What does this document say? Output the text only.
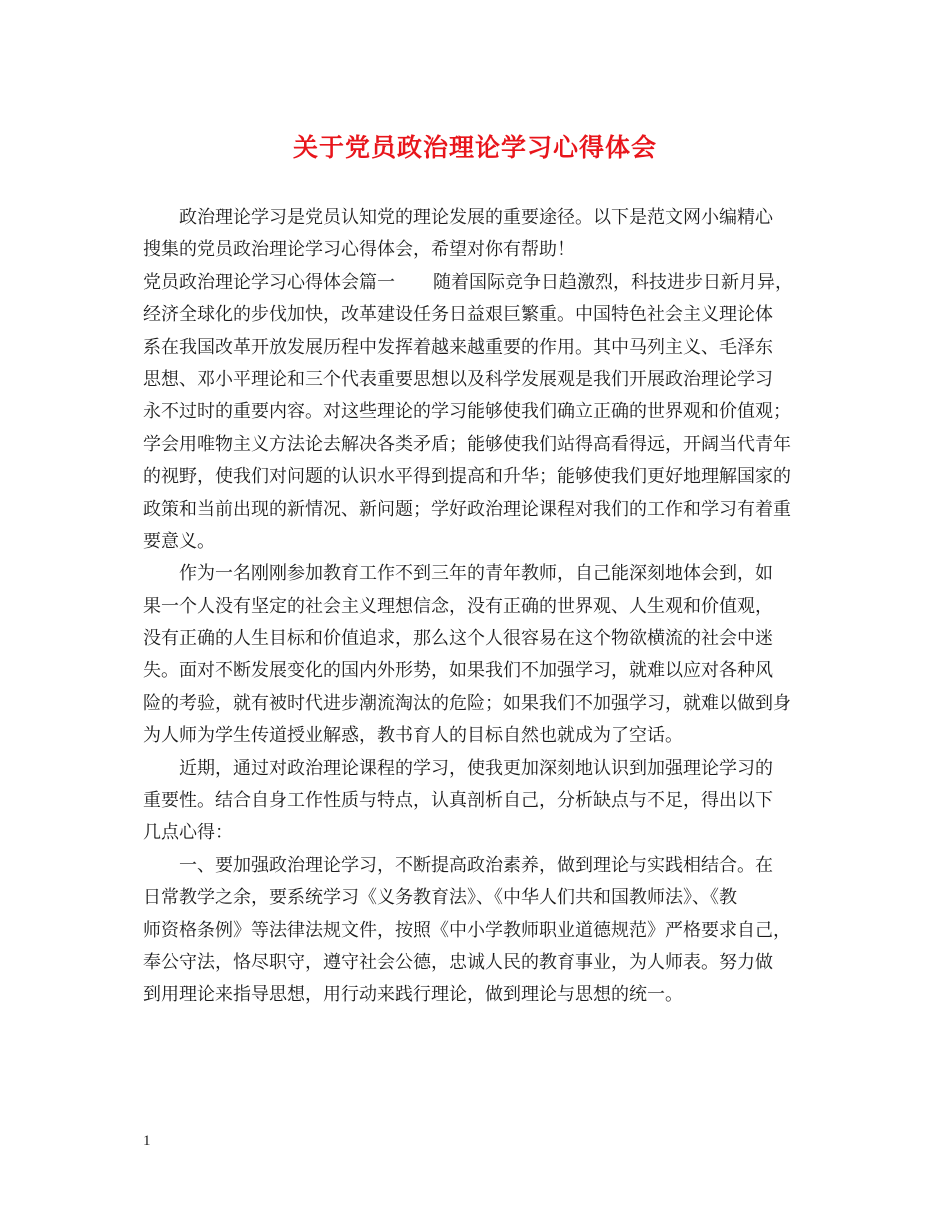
关于党员政治理论学习心得体会
政治理论学习是党员认知党的理论发展的重要途径。以下是范文网小编精心
搜集的党员政治理论学习心得体会，希望对你有帮助！
党员政治理论学习心得体会篇一 随着国际竞争日趋激烈，科技进步日新月异，
经济全球化的步伐加快，改革建设任务日益艰巨繁重。中国特色社会主义理论体
系在我国改革开放发展历程中发挥着越来越重要的作用。其中马列主义、毛泽东
思想、邓小平理论和三个代表重要思想以及科学发展观是我们开展政治理论学习
永不过时的重要内容。对这些理论的学习能够使我们确立正确的世界观和价值观；
学会用唯物主义方法论去解决各类矛盾；能够使我们站得高看得远，开阔当代青年
的视野，使我们对问题的认识水平得到提高和升华；能够使我们更好地理解国家的
政策和当前出现的新情况、新问题；学好政治理论课程对我们的工作和学习有着重
要意义。
作为一名刚刚参加教育工作不到三年的青年教师，自己能深刻地体会到，如
果一个人没有坚定的社会主义理想信念，没有正确的世界观、人生观和价值观，
没有正确的人生目标和价值追求，那么这个人很容易在这个物欲横流的社会中迷
失。面对不断发展变化的国内外形势，如果我们不加强学习，就难以应对各种风
险的考验，就有被时代进步潮流淘汰的危险；如果我们不加强学习，就难以做到身
为人师为学生传道授业解惑，教书育人的目标自然也就成为了空话。
近期，通过对政治理论课程的学习，使我更加深刻地认识到加强理论学习的
重要性。结合自身工作性质与特点，认真剖析自己，分析缺点与不足，得出以下
几点心得：
一、要加强政治理论学习，不断提高政治素养，做到理论与实践相结合。在
日常教学之余，要系统学习《义务教育法》、《中华人们共和国教师法》、《教
师资格条例》等法律法规文件，按照《中小学教师职业道德规范》严格要求自己，
奉公守法，恪尽职守，遵守社会公德，忠诚人民的教育事业，为人师表。努力做
到用理论来指导思想，用行动来践行理论，做到理论与思想的统一。
1
